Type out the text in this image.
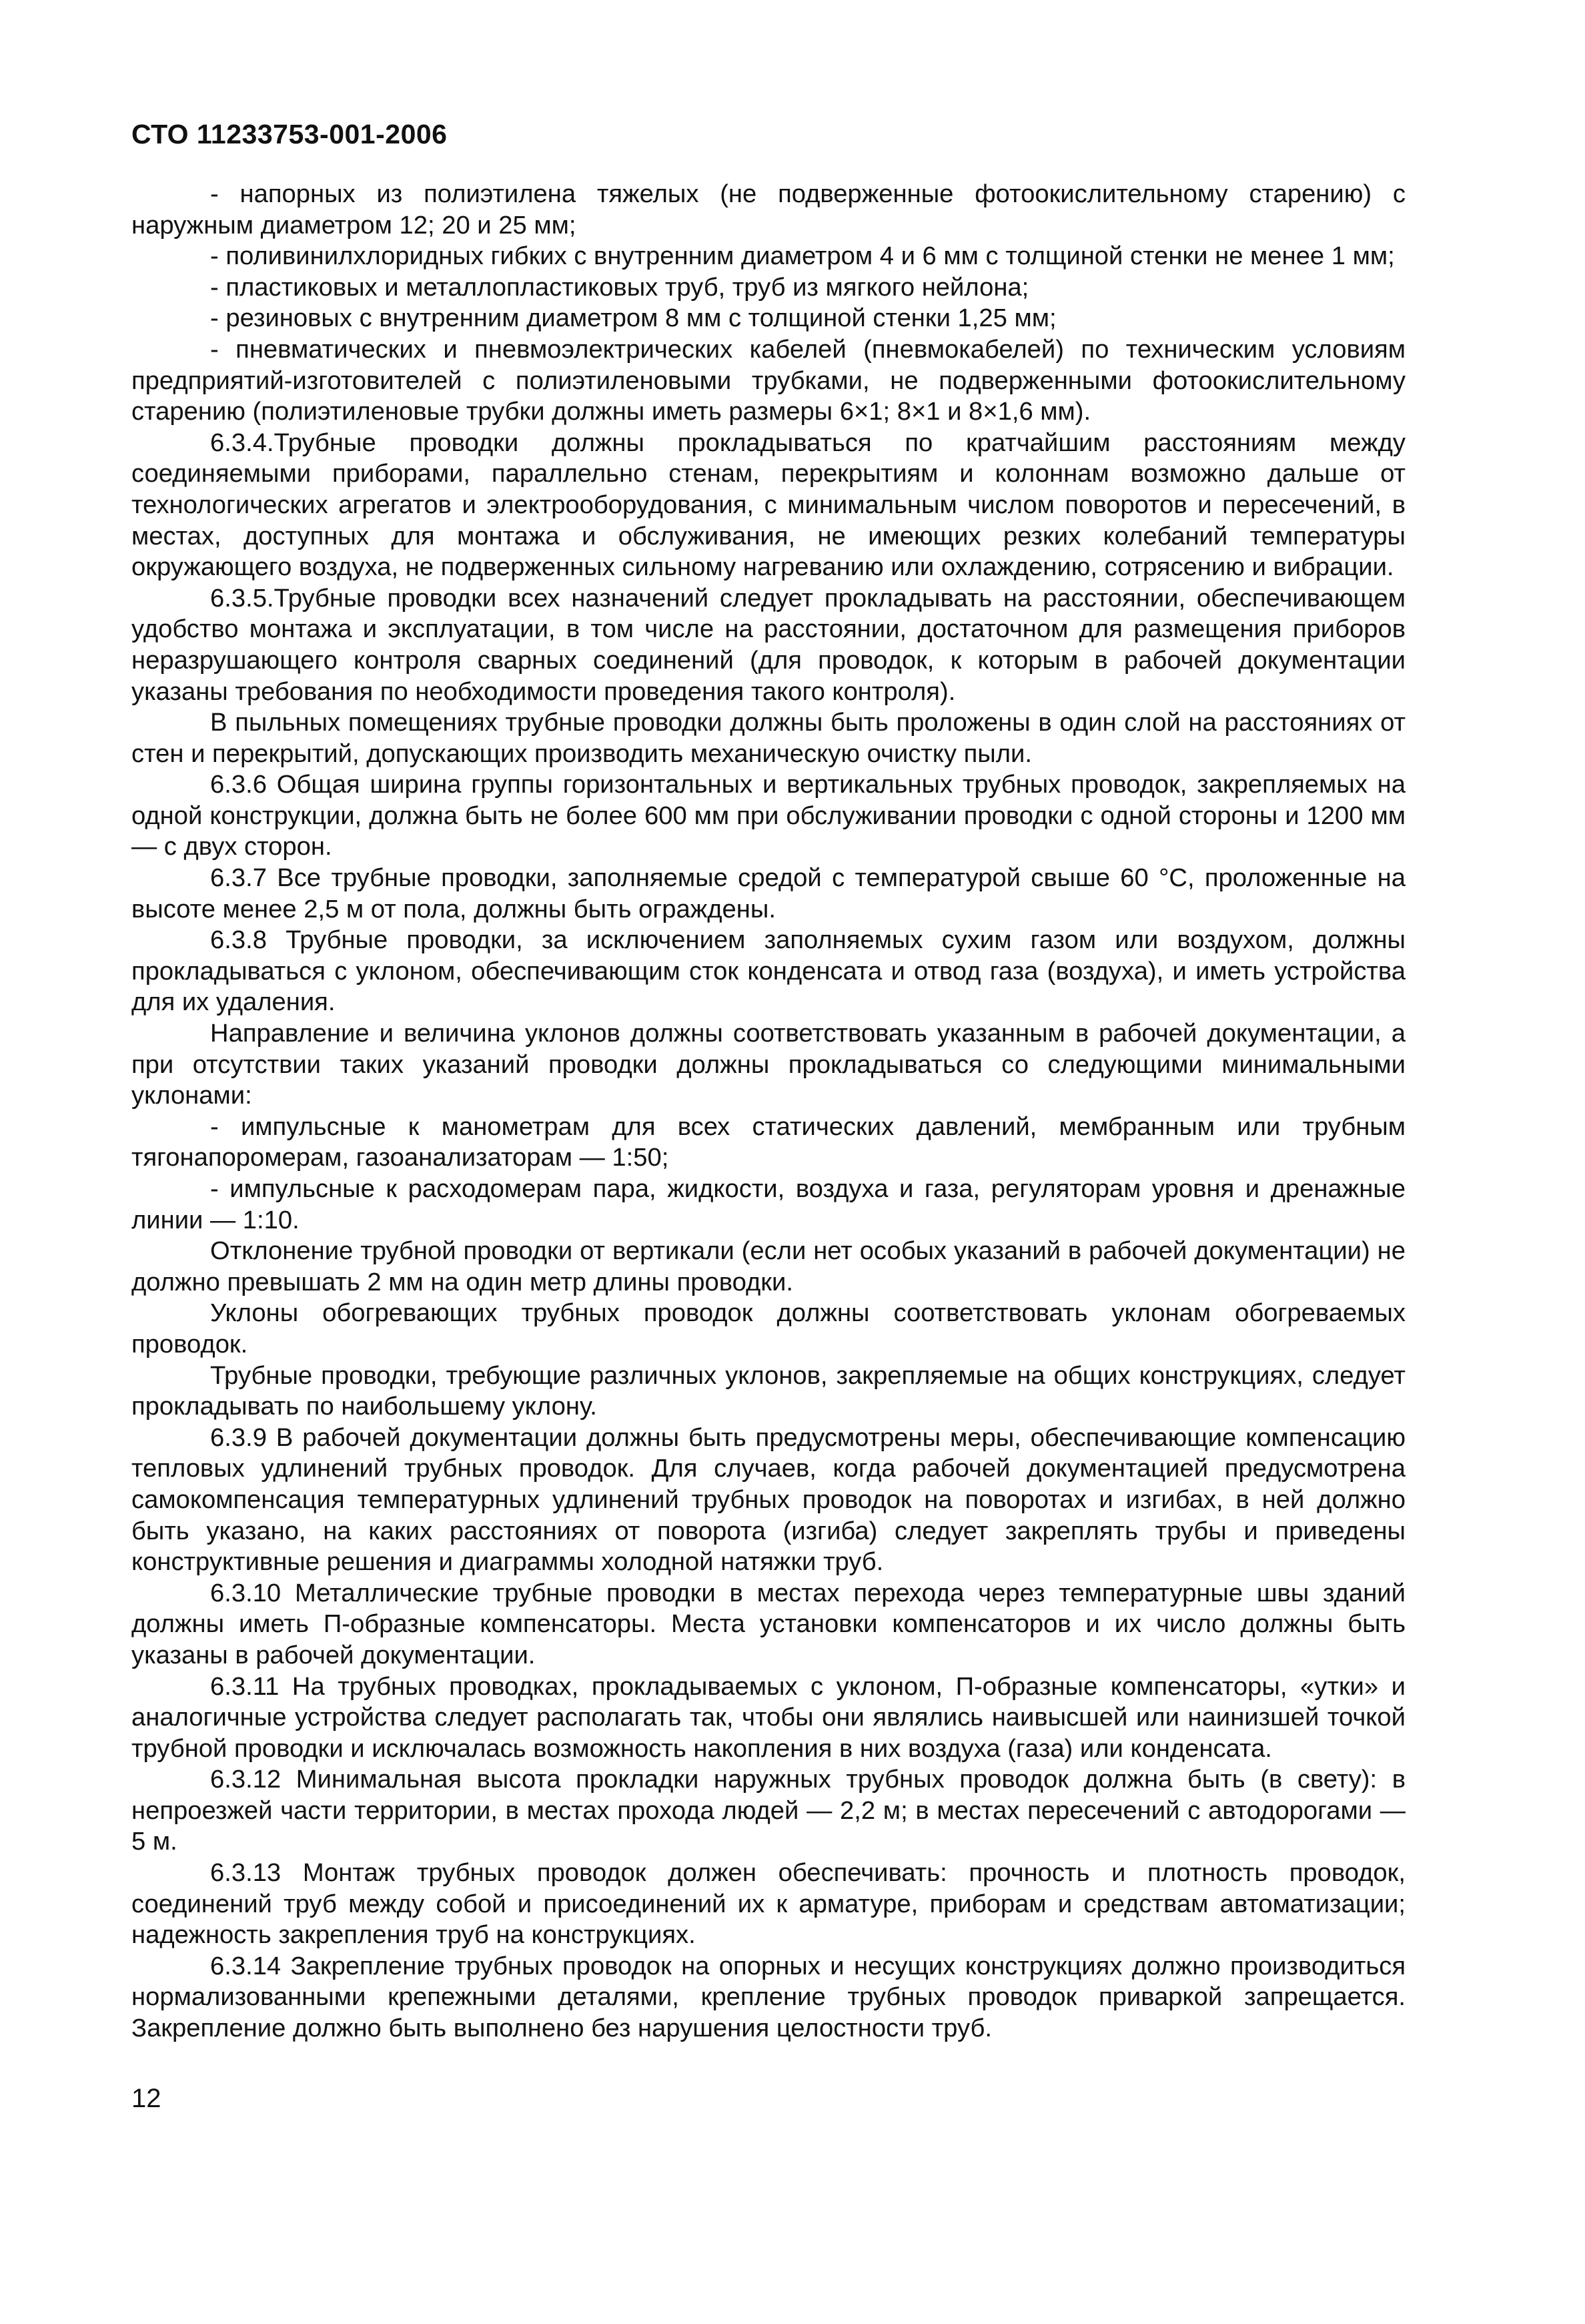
СТО 11233753-001-2006

- напорных из полиэтилена тяжелых (не подверженные фотоокислительному старению) с наружным диаметром 12; 20 и 25 мм;

- поливинилхлоридных гибких с внутренним диаметром 4 и 6 мм с толщиной стенки не менее 1 мм;

- пластиковых и металлопластиковых труб, труб из мягкого нейлона;

- резиновых с внутренним диаметром 8 мм с толщиной стенки 1,25 мм;

- пневматических и пневмоэлектрических кабелей (пневмокабелей) по техническим условиям предприятий-изготовителей с полиэтиленовыми трубками, не подверженными фотоокислительному старению (полиэтиленовые трубки должны иметь размеры 6×1; 8×1 и 8×1,6 мм).

6.3.4.Трубные проводки должны прокладываться по кратчайшим расстояниям между соединяемыми приборами, параллельно стенам, перекрытиям и колоннам возможно дальше от технологических агрегатов и электрооборудования, с минимальным числом поворотов и пересечений, в местах, доступных для монтажа и обслуживания, не имеющих резких колебаний температуры окружающего воздуха, не подверженных сильному нагреванию или охлаждению, сотрясению и вибрации.

6.3.5.Трубные проводки всех назначений следует прокладывать на расстоянии, обеспечивающем удобство монтажа и эксплуатации, в том числе на расстоянии, достаточном для размещения приборов неразрушающего контроля сварных соединений (для проводок, к которым в рабочей документации указаны требования по необходимости проведения такого контроля).

В пыльных помещениях трубные проводки должны быть проложены в один слой на расстояниях от стен и перекрытий, допускающих производить механическую очистку пыли.

6.3.6 Общая ширина группы горизонтальных и вертикальных трубных проводок, закрепляемых на одной конструкции, должна быть не более 600 мм при обслуживании проводки с одной стороны и 1200 мм — с двух сторон.

6.3.7 Все трубные проводки, заполняемые средой с температурой свыше 60 °С, проложенные на высоте менее 2,5 м от пола, должны быть ограждены.

6.3.8 Трубные проводки, за исключением заполняемых сухим газом или воздухом, должны прокладываться с уклоном, обеспечивающим сток конденсата и отвод газа (воздуха), и иметь устройства для их удаления.

Направление и величина уклонов должны соответствовать указанным в рабочей документации, а при отсутствии таких указаний проводки должны прокладываться со следующими минимальными уклонами:

- импульсные к манометрам для всех статических давлений, мембранным или трубным тягонапоромерам, газоанализаторам — 1:50;

- импульсные к расходомерам пара, жидкости, воздуха и газа, регуляторам уровня и дренажные линии — 1:10.

Отклонение трубной проводки от вертикали (если нет особых указаний в рабочей документации) не должно превышать 2 мм на один метр длины проводки.

Уклоны обогревающих трубных проводок должны соответствовать уклонам обогреваемых проводок.

Трубные проводки, требующие различных уклонов, закрепляемые на общих конструкциях, следует прокладывать по наибольшему уклону.

6.3.9 В рабочей документации должны быть предусмотрены меры, обеспечивающие компенсацию тепловых удлинений трубных проводок. Для случаев, когда рабочей документацией предусмотрена самокомпенсация температурных удлинений трубных проводок на поворотах и изгибах, в ней должно быть указано, на каких расстояниях от поворота (изгиба) следует закреплять трубы и приведены конструктивные решения и диаграммы холодной натяжки труб.

6.3.10 Металлические трубные проводки в местах перехода через температурные швы зданий должны иметь П-образные компенсаторы. Места установки компенсаторов и их число должны быть указаны в рабочей документации.

6.3.11 На трубных проводках, прокладываемых с уклоном, П-образные компенсаторы, «утки» и аналогичные устройства следует располагать так, чтобы они являлись наивысшей или наинизшей точкой трубной проводки и исключалась возможность накопления в них воздуха (газа) или конденсата.

6.3.12 Минимальная высота прокладки наружных трубных проводок должна быть (в свету): в непроезжей части территории, в местах прохода людей — 2,2 м; в местах пересечений с автодорогами — 5 м.

6.3.13 Монтаж трубных проводок должен обеспечивать: прочность и плотность проводок, соединений труб между собой и присоединений их к арматуре, приборам и средствам автоматизации; надежность закрепления труб на конструкциях.

6.3.14 Закрепление трубных проводок на опорных и несущих конструкциях должно производиться нормализованными крепежными деталями, крепление трубных проводок приваркой запрещается. Закрепление должно быть выполнено без нарушения целостности труб.

12
